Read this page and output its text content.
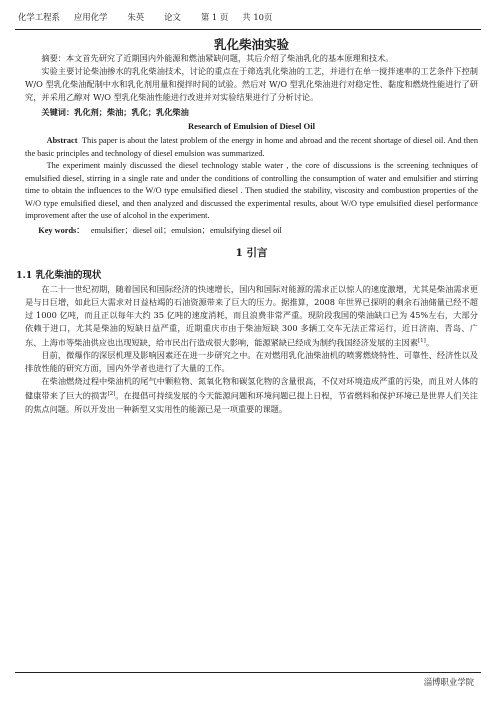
化学工程系 应用化学 朱英 论文 第 1 页 共 10页
乳化柴油实验

摘要：本文首先研究了近期国内外能源和燃油紧缺问题，其后介绍了柴油乳化的基本原理和技术。

实验主要讨论柴油掺水的乳化柴油技术，讨论的重点在于筛选乳化柴油的工艺，并进行在单一搅拌速率的工艺条件下控制 W/O 型乳化柴油配制中水和乳化剂用量和搅拌时间的试验。然后对 W/O 型乳化柴油进行对稳定性、黏度和燃烧性能进行了研究，并采用乙醇对 W/O 型乳化柴油性能进行改进并对实验结果进行了分析讨论。

关键词：乳化剂；柴油；乳化；乳化柴油
Research of Emulsion of Diesel Oil

Abstract This paper is about the latest problem of the energy in home and abroad and the recent shortage of diesel oil. And then the basic principles and technology of diesel emulsion was summarized.

The experiment mainly discussed the diesel technology stable water , the core of discussions is the screening techniques of emulsified diesel, stirring in a single rate and under the conditions of controlling the consumption of water and emulsifier and stirring time to obtain the influences to the W/O type emulsified diesel . Then studied the stability, viscosity and combustion properties of the W/O type emulsified diesel, and then analyzed and discussed the experimental results, about W/O type emulsified diesel performance improvement after the use of alcohol in the experiment.

Key words： emulsifier；diesel oil；emulsion；emulsifying diesel oil
1 引言
1.1 乳化柴油的现状

在二十一世纪初期，随着国民和国际经济的快速增长，国内和国际对能源的需求正以惊人的速度激增，尤其是柴油需求更是与日巨增，如此巨大需求对日益枯竭的石油资源带来了巨大的压力。据推算，2008 年世界已探明的剩余石油储量已经不超过 1000 亿吨，而且正以每年大约 35 亿吨的速度消耗，而且浪费非常严重。现阶段我国的柴油缺口已为 45%左右，大部分依赖于进口，尤其是柴油的短缺日益严重，近期重庆市由于柴油短缺 300 多辆工交车无法正常运行，近日济南、青岛、广东、上海市等柴油供应也出现短缺，给市民出行造成很大影响，能源紧缺已经成为制约我国经济发展的主因素[1]。

目前，微爆作的深层机理及影响因素还在进一步研究之中。在对燃用乳化油柴油机的喷雾燃烧特性、可靠性、经济性以及排放性能的研究方面，国内外学者也进行了大量的工作。

在柴油燃烧过程中柴油机的尾气中颗粒物、氮氧化物和碳氢化物的含量很高，不仅对环境造成严重的污染，而且对人体的健康带来了巨大的损害[2]。在提倡可持续发展的今天能源问题和环境问题已提上日程，节省燃料和保护环境已是世界人们关注的焦点问题。所以开发出一种新型又实用性的能源已是一项重要的课题。

淄博职业学院
